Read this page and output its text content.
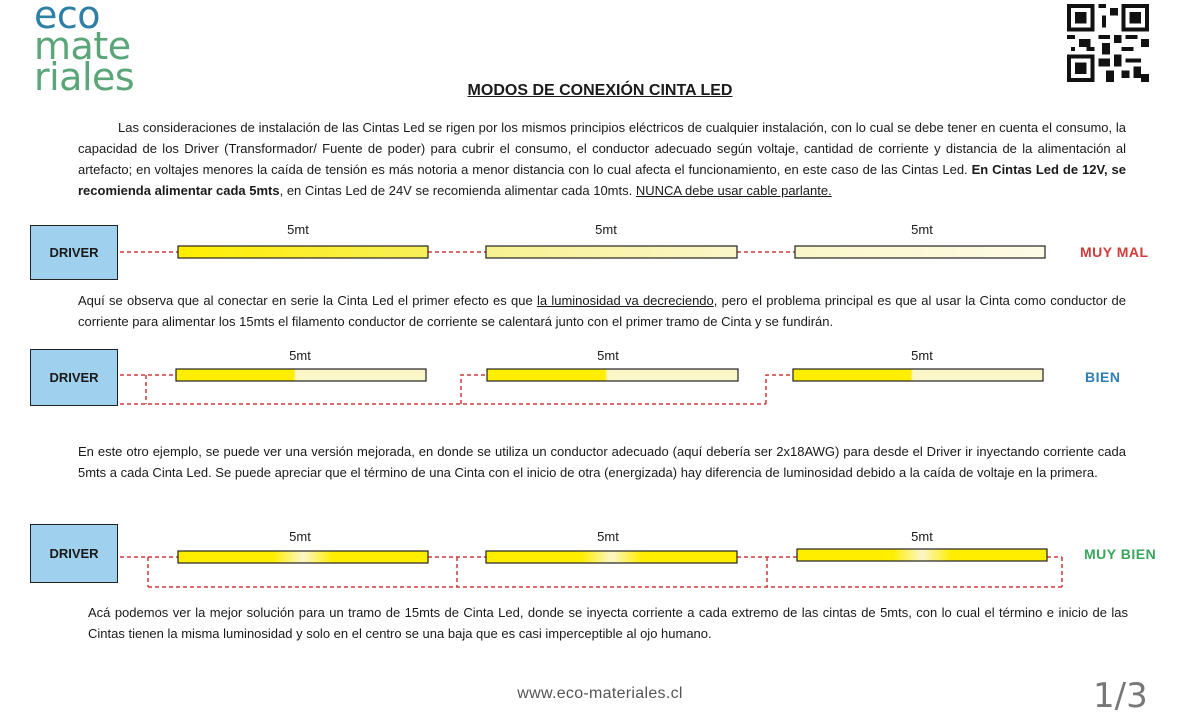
eco
mate
riales	MODOS DE CONEXIÓN CINTA LED
Las consideraciones de instalación de las Cintas Led se rigen por los mismos principios eléctricos de cualquier instalación, con lo cual se debe tener en cuenta el consumo, la capacidad de los Driver (Transformador/ Fuente de poder) para cubrir el consumo, el conductor adecuado según voltaje, cantidad de corriente y distancia de la alimentación al artefacto; en voltajes menores la caída de tensión es más notoria a menor distancia con lo cual afecta el funcionamiento, en este caso de las Cintas Led. En Cintas Led de 12V, se recomienda alimentar cada 5mts, en Cintas Led de 24V se recomienda alimentar cada 10mts. NUNCA debe usar cable parlante.
DRIVER
5mt	5mt	5mt
MUY MAL
Aquí se observa que al conectar en serie la Cinta Led el primer efecto es que la luminosidad va decreciendo, pero el problema principal es que al usar la Cinta como conductor de corriente para alimentar los 15mts el filamento conductor de corriente se calentará junto con el primer tramo de Cinta y se fundirán.
DRIVER
5mt	5mt	5mt
BIEN
En este otro ejemplo, se puede ver una versión mejorada, en donde se utiliza un conductor adecuado (aquí debería ser 2x18AWG) para desde el Driver ir inyectando corriente cada 5mts a cada Cinta Led. Se puede apreciar que el término de una Cinta con el inicio de otra (energizada) hay diferencia de luminosidad debido a la caída de voltaje en la primera.
DRIVER
5mt	5mt	5mt
MUY BIEN
Acá podemos ver la mejor solución para un tramo de 15mts de Cinta Led, donde se inyecta corriente a cada extremo de las cintas de 5mts, con lo cual el término e inicio de las Cintas tienen la misma luminosidad y solo en el centro se una baja que es casi imperceptible al ojo humano.
www.eco-materiales.cl	1/3
